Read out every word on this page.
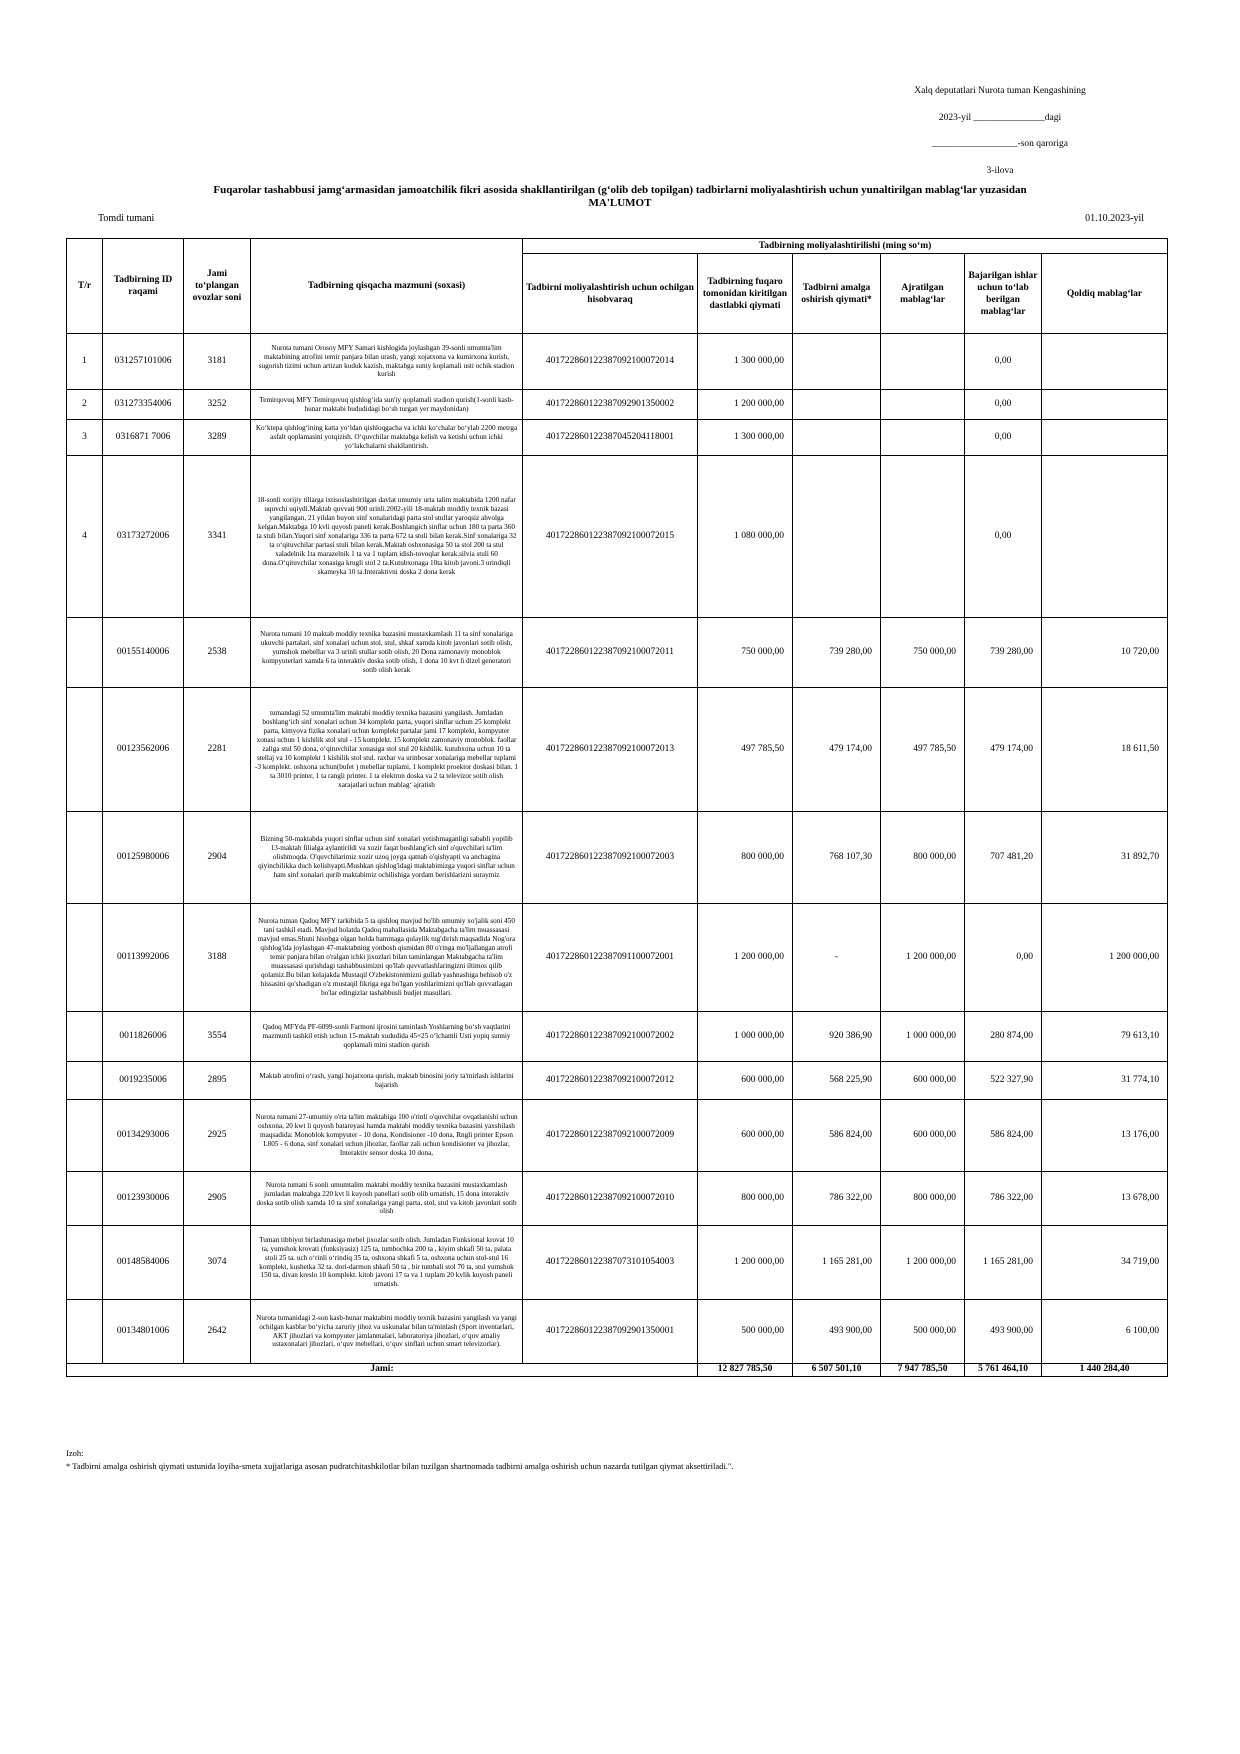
Xalq deputatlari Nurota tuman Kengashining
2023-yil _______________dagi
__________________-son qaroriga
3-ilova
Fuqarolar tashabbusi jamg‘armasidan jamoatchilik fikri asosida shakllantirilgan (g‘olib deb topilgan) tadbirlarni moliyalashtirish uchun yunaltirilgan mablag‘lar yuzasidan
MA'LUMOT
Tomdi tumani	01.10.2023-yil
T/r	Tadbirning ID raqami	Jami to‘plangan ovozlar soni	Tadbirning qisqacha mazmuni (soxasi)	Tadbirning moliyalashtirilishi (ming so‘m)					
				Tadbirni moliyalashtirish uchun ochilgan hisobvaraq	Tadbirning fuqaro tomonidan kiritilgan dastlabki qiymati	Tadbirni amalga oshirish qiymati*	Ajratilgan mablag‘lar	Bajarilgan ishlar uchun to‘lab berilgan mablag‘lar	Qoldiq mablag‘lar
1	031257101006	3181	Nurota tumani Orosoy MFY Samari kishlogida joylashgan 39-sonli umumta'lim maktabining atrofini temir panjara bilan urash, yangi xojatxona va kumirxona kurish, sugorish tizimi uchun artizan kuduk kazish, maktabga suniy koplamali usti ochik stadion kurish	401722860122387092100072014	1 300 000,00			0,00	
2	031273354006	3252	Temirqovuq MFY Temirqovuq qishlog‘ida sun'iy qoplamali stadion qurish(1-sonli kasb-hunar maktabi hududidagi bo‘sh turgan yer maydonidan)	401722860122387092901350002	1 200 000,00			0,00	
3	0316871 7006	3289	Ko‘ktepa qishlog‘ining katta yo‘ldan qishloqgacha va ichki ko‘chalar bo‘ylab 2200 metrga asfalt qoplamasini yotqizish. O‘quvchilar maktabga kelish va ketishi uchun ichki yo‘lakchalarni shakllantirish.	401722860122387045204118001	1 300 000,00			0,00	
4	03173272006	3341	18-sonli xorijiy tillarga ixtisoslashtirilgan davlat umumiy urta talim maktabida 1200 nafar uquvchi uqiydi.Maktab quvvati 900 urinli.2002-yili 18-maktab moddiy texnik bazasi yangilangan, 21 yildan buyon sinf xonalaridagi parta stol stullar yaroqsiz ahvolga kelgan.Maktabga 10 kvli quyosh paneli kerak.Boshlangich sinflar uchun 180 ta parta 360 ta stuli bilan.Yuqori sinf xonalariga 336 ta parta 672 ta stuli bilan kerak.Sinf xonalariga 32 ta o‘qituvchilar partasi stuli bilan kerak.Maktab oshxonasiga 50 ta stol 200 ta stul xaladelnik 1ta marazelnik 1 ta va 1 tuplam idish-tovoqlar kerak.silvia stuli 60 dona.O‘qituvchilar xonasiga krugli stol 2 ta.Kutubxonaga 10ta kitob javoni.3 urindiqli skameyka 10 ta.Interaktivni doska 2 dona kerak	401722860122387092100072015	1 080 000,00			0,00	
	00155140006	2538	Nurota tumani 10 maktab moddiy texnika bazasini mustaxkamlash 11 ta sinf xonalariga ukuvchi partalari, sinf xonalari uchun stol, stul, shkaf xamda kitob javonlari sotib olish, yumshok mebellar va 3 urinli stullar sotib olish, 20 Dona zamonaviy monoblok kompyuterlari xamda 6 ta interaktiv doska sotib olish, 1 dona 10 kvt li dizel generatori sotib olish kerak	401722860122387092100072011	750 000,00	739 280,00	750 000,00	739 280,00	10 720,00
	00123562006	2281	tumandagi 52 umumta'lim maktabi moddiy texnika bazasini yangilash. Jumladan boshlang‘ich sinf xonalari uchun 34 komplekt parta, yuqori sinflar uchun 25 komplekt parta, kimyova fizika xonalari uchun komplekt partalar jami 17 komplekt, kompyuter xonasi uchun 1 kishilik stol stul - 15 komplekt. 15 komplekt zamonaviy monoblok. faollar zaliga stul 50 dona, o‘qituvchilar xonasiga stol stul 20 kishilik. kutubxona uchun 10 ta stellaj va 10 komplekt 1 kishilik stol stul. raxbar va urinbosar xonalariga mebellar tuplami -3 komplekt. oshxona uchun(bufet ) mebellar tuplami, 1 komplekt proektor doskasi bilan. 1 ta 3010 printer, 1 ta rangli printer. 1 ta elektron doska va 2 ta televizor sotib olish xarajatlari uchun mablag‘ ajratish	401722860122387092100072013	497 785,50	479 174,00	497 785,50	479 174,00	18 611,50
	00125980006	2904	Bizning 50-maktabda yuqori sinflar uchun sinf xonalari yetishmaganligi sababli yopilib 13-maktab filialga aylantirildi va xozir faqat boshlang'ich sinf o'quvchilari ta'lim olishmoqda. O'quvchilarimiz xozir uzoq joyga qatnab o'qishyapti va anchagina qiyinchilikka duch kelishyapti.Mushkan qishlog'idagi maktabimizga yuqori sinflar uchun ham sinf xonalari qurib maktabimiz ochilishiga yordam berishlarizni suraymiz	401722860122387092100072003	800 000,00	768 107,30	800 000,00	707 481,20	31 892,70
	00113992006	3188	Nurota tuman Qadoq MFY tarkibida 5 ta qishloq mavjud bo'lib umumiy xo'jalik soni 450 tani tashkil etadi. Mavjud holatda Qadoq mahallasida Maktabgacha ta'lim muassasasi mavjud emas.Shuni hisobga olgan holda hammaga qulaylik tug'dirish maqsadida Nog'ora qishlog'ida joylashgan 47-maktabning yonbosh qismidan 80 o'ringa mo'ljallangan atrofi temir panjara bilan o'ralgan ichki jixozlari bilan taminlangan Maktabgacha ta'lim muassasasi qurishdagi tashabbusimizni qo'llab quvvatlashlaringizni iltimos qilib qolamiz.Bu bilan kelajakda Mustaqil O'zbekistonimizni gullab yashnashiga behisob o'z hissasini qo'shadigan o'z mustaqil fikriga ega bo'lgan yoshlarimizni qo'llab quvvatlagan bo'lar edingizlar tashabbusli budjet masullari.	401722860122387091100072001	1 200 000,00	-	1 200 000,00	0,00	1 200 000,00
	0011826006	3554	Qadoq MFYda PF-6099-sonli Farmoni ijrosini taminlash Yoshlarning bo‘sh vaqtlarini mazmunli tashkil etish uchun 15-maktab xududida 45×25 o‘lchamli Usti yopiq sunniy qoplamali mini stadion qurish	401722860122387092100072002	1 000 000,00	920 386,90	1 000 000,00	280 874,00	79 613,10
	0019235006	2895	Maktab atrofini o‘rash, yangi hojatxona qurish, maktab binosini joriy ta'mirlash ishlarini bajarish	401722860122387092100072012	600 000,00	568 225,90	600 000,00	522 327,90	31 774,10
	00134293006	2925	Nurota tumani 27-umumiy o'rta ta'lim maktabiga 100 o'rinli o'quvchilar ovqatlanishi uchun oshxona, 20 kwt li quyosh batareyasi hamda maktabi moddiy texnika bazasini yaxshilash maqsadida: Monoblok kompyuter - 10 dona, Kondisioner -10 dona, Rngli printer Epson L805 - 6 dona, sinf xonalari uchun jihozlar, faollar zali uchun kondisioner va jihozlar, Interaktiv sensor doska 10 dona,	401722860122387092100072009	600 000,00	586 824,00	600 000,00	586 824,00	13 176,00
	00123930006	2905	Nurota tumani 6 sonli umumtalim maktabi moddiy texnika bazasini mustaxkamlash jumladan maktabga 220 kvt li kuyosh panellari sotib olib urnatish, 15 dona interaktiv doska sotib olish xamda 10 ta sinf xonalariga yangi parta, stol, stul va kitob javonlari sotib olish	401722860122387092100072010	800 000,00	786 322,00	800 000,00	786 322,00	13 678,00
	00148584006	3074	Tuman tibbiyot birlashmasiga mebel jixozlar sotib olish. Jumladan Funksional krovat 10 ta, yumshok krovati (funksiyasiz) 125 ta, tumbochka 200 ta , kiyim shkafi 50 ta, palata stoli 25 ta. uch o‘rinli o‘rindiq 35 ta, oshxona shkafi 5 ta, oshxona uchun stol-stul 16 komplekt, kushetka 32 ta. dori-darmon shkafi 50 ta , bir tumbali stol 70 ta, stul yumshok 150 ta, divan kreslo 10 komplekt. kitob javoni 17 ta va 1 tuplam 20 kvlik kuyosh paneli urnatish.	401722860122387073101054003	1 200 000,00	1 165 281,00	1 200 000,00	1 165 281,00	34 719,00
	00134801006	2642	Nurota tumanidagi 2-son kasb-hunar maktabini moddiy texnik bazasini yangilash va yangi ochilgan kasblar bo‘yicha zaruriy jihoz va uskunalar bilan ta'minlash (Sport inventarlari, AKT jihozlari va kompyuter jamlanmalari, laboratoriya jihozlari, o‘quv amaliy ustaxonalari jihozlari, o‘quv mebellari, o‘quv sinflari uchun smart televizorlar).	401722860122387092901350001	500 000,00	493 900,00	500 000,00	493 900,00	6 100,00
Jami:					12 827 785,50	6 507 501,10	7 947 785,50	5 761 464,10	1 440 284,40
Izoh:
* Tadbirni amalga oshirish qiymati ustunida loyiha-smeta xujjatlariga asosan pudratchitashkilotlar bilan tuzilgan shartnomada tadbirni amalga oshirish uchun nazarda tutilgan qiymat aksettiriladi.".
